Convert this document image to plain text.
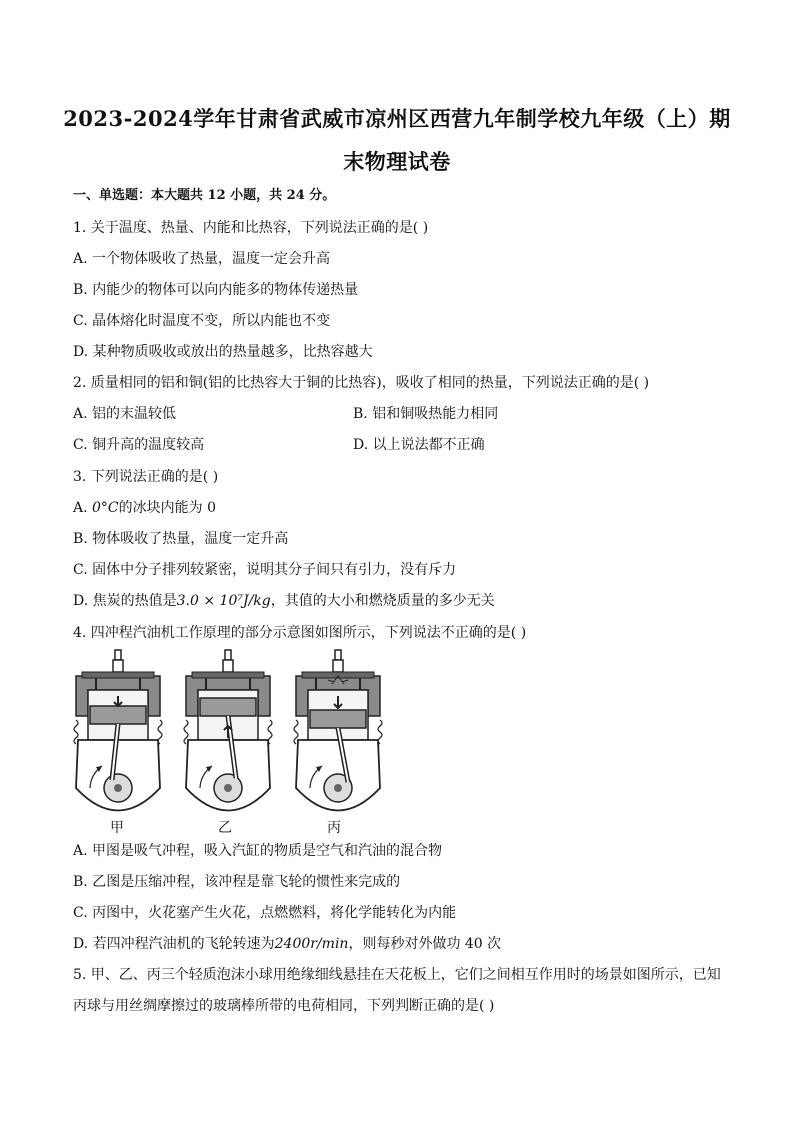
2023-2024学年甘肃省武威市凉州区西营九年制学校九年级（上）期
末物理试卷
一、单选题：本大题共 12 小题，共 24 分。
1. 关于温度、热量、内能和比热容，下列说法正确的是( )
A. 一个物体吸收了热量，温度一定会升高
B. 内能少的物体可以向内能多的物体传递热量
C. 晶体熔化时温度不变，所以内能也不变
D. 某种物质吸收或放出的热量越多，比热容越大
2. 质量相同的铝和铜(铝的比热容大于铜的比热容)，吸收了相同的热量，下列说法正确的是( )
A. 铝的末温较低	B. 铝和铜吸热能力相同
C. 铜升高的温度较高	D. 以上说法都不正确
3. 下列说法正确的是( )
A. 0°C的冰块内能为 0
B. 物体吸收了热量，温度一定升高
C. 固体中分子排列较紧密，说明其分子间只有引力，没有斥力
D. 焦炭的热值是3.0 × 10⁷J/kg，其值的大小和燃烧质量的多少无关
4. 四冲程汽油机工作原理的部分示意图如图所示，下列说法不正确的是( )
甲	乙	丙
A. 甲图是吸气冲程，吸入汽缸的物质是空气和汽油的混合物
B. 乙图是压缩冲程，该冲程是靠飞轮的惯性来完成的
C. 丙图中，火花塞产生火花，点燃燃料，将化学能转化为内能
D. 若四冲程汽油机的飞轮转速为2400r/min，则每秒对外做功 40 次
5. 甲、乙、丙三个轻质泡沫小球用绝缘细线悬挂在天花板上，它们之间相互作用时的场景如图所示，已知
丙球与用丝绸摩擦过的玻璃棒所带的电荷相同，下列判断正确的是( )
